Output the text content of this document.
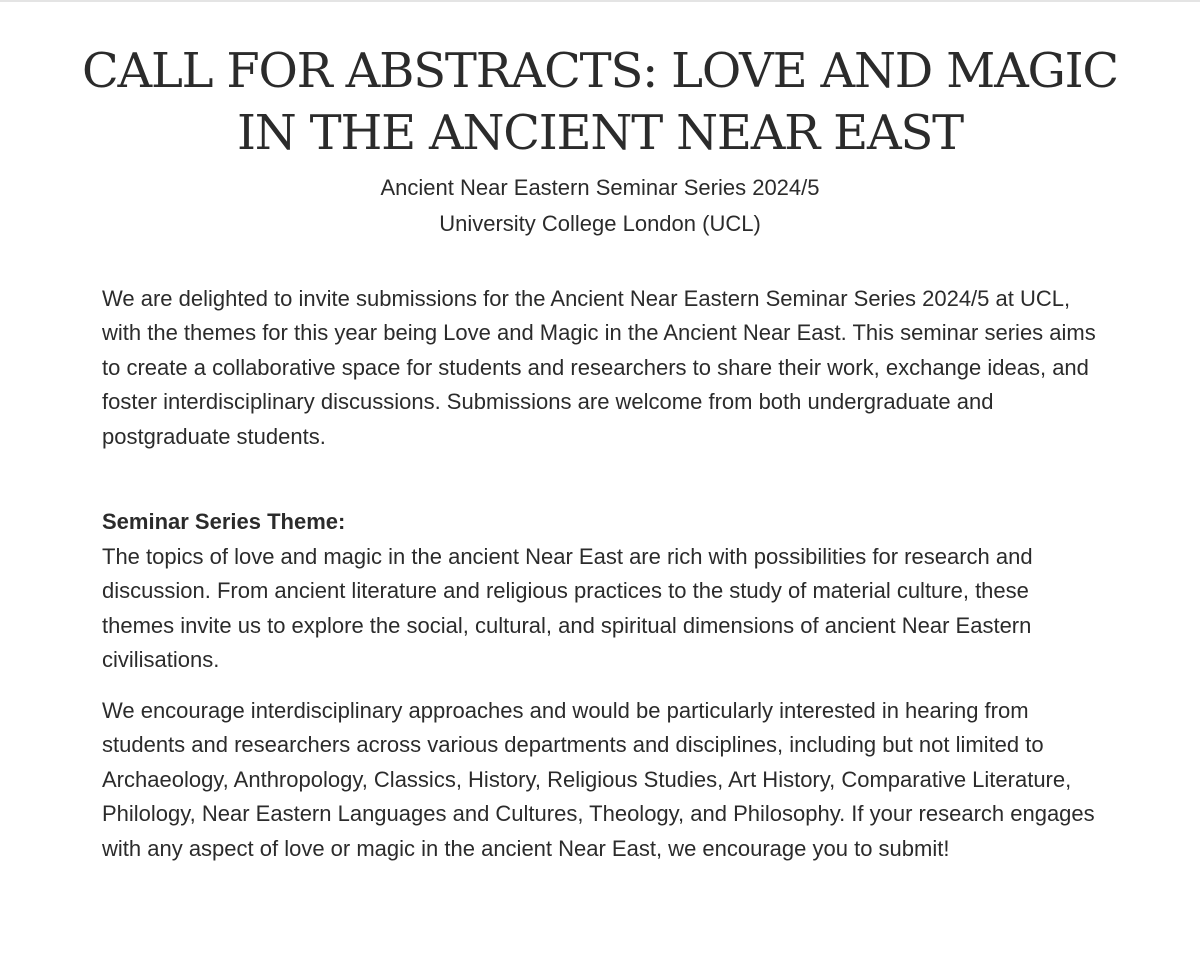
CALL FOR ABSTRACTS: LOVE AND MAGIC IN THE ANCIENT NEAR EAST

Ancient Near Eastern Seminar Series 2024/5

University College London (UCL)

We are delighted to invite submissions for the Ancient Near Eastern Seminar Series 2024/5 at UCL, with the themes for this year being Love and Magic in the Ancient Near East. This seminar series aims to create a collaborative space for students and researchers to share their work, exchange ideas, and foster interdisciplinary discussions. Submissions are welcome from both undergraduate and postgraduate students.

Seminar Series Theme:

The topics of love and magic in the ancient Near East are rich with possibilities for research and discussion. From ancient literature and religious practices to the study of material culture, these themes invite us to explore the social, cultural, and spiritual dimensions of ancient Near Eastern civilisations.

We encourage interdisciplinary approaches and would be particularly interested in hearing from students and researchers across various departments and disciplines, including but not limited to Archaeology, Anthropology, Classics, History, Religious Studies, Art History, Comparative Literature, Philology, Near Eastern Languages and Cultures, Theology, and Philosophy. If your research engages with any aspect of love or magic in the ancient Near East, we encourage you to submit!
